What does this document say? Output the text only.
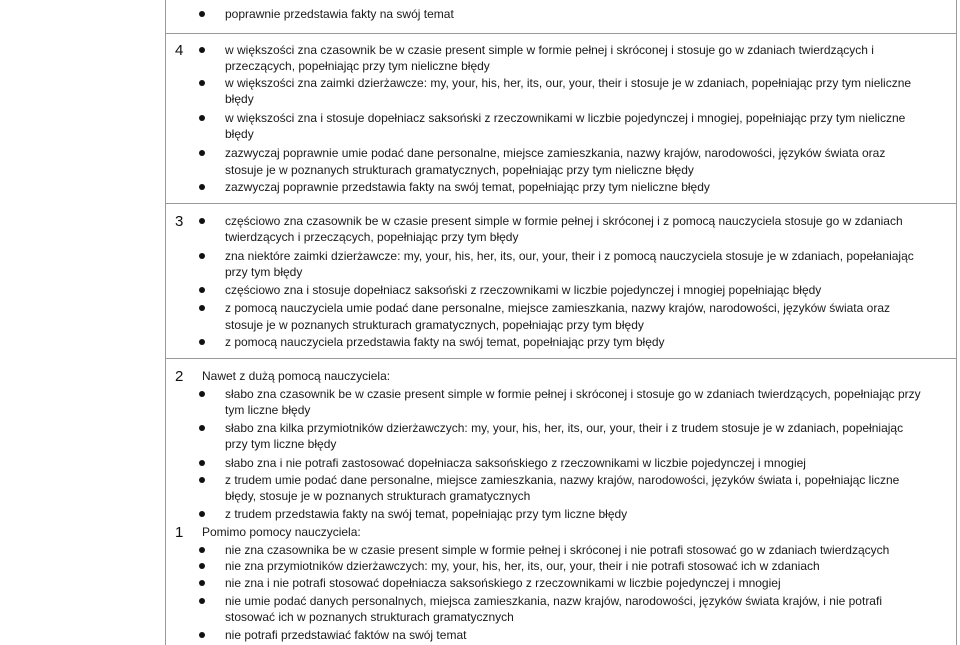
poprawnie przedstawia fakty na swój temat
4	w większości zna czasownik be w czasie present simple w formie pełnej i skróconej i stosuje go w zdaniach twierdzących i
przeczących, popełniając przy tym nieliczne błędy
w większości zna zaimki dzierżawcze: my, your, his, her, its, our, your, their i stosuje je w zdaniach, popełniając przy tym nieliczne
błędy
w większości zna i stosuje dopełniacz saksoński z rzeczownikami w liczbie pojedynczej i mnogiej, popełniając przy tym nieliczne
błędy
zazwyczaj poprawnie umie podać dane personalne, miejsce zamieszkania, nazwy krajów, narodowości, języków świata oraz
stosuje je w poznanych strukturach gramatycznych, popełniając przy tym nieliczne błędy
zazwyczaj poprawnie przedstawia fakty na swój temat, popełniając przy tym nieliczne błędy
3	częściowo zna czasownik be w czasie present simple w formie pełnej i skróconej i z pomocą nauczyciela stosuje go w zdaniach
twierdzących i przeczących, popełniając przy tym błędy
zna niektóre zaimki dzierżawcze: my, your, his, her, its, our, your, their i z pomocą nauczyciela stosuje je w zdaniach, popełaniając
przy tym błędy
częściowo zna i stosuje dopełniacz saksoński z rzeczownikami w liczbie pojedynczej i mnogiej popełniając błędy
z pomocą nauczyciela umie podać dane personalne, miejsce zamieszkania, nazwy krajów, narodowości, języków świata oraz
stosuje je w poznanych strukturach gramatycznych, popełniając przy tym błędy
z pomocą nauczyciela przedstawia fakty na swój temat, popełniając przy tym błędy
2 Nawet z dużą pomocą nauczyciela:
słabo zna czasownik be w czasie present simple w formie pełnej i skróconej i stosuje go w zdaniach twierdzących, popełniając przy
tym liczne błędy
słabo zna kilka przymiotników dzierżawczych: my, your, his, her, its, our, your, their i z trudem stosuje je w zdaniach, popełniając
przy tym liczne błędy
słabo zna i nie potrafi zastosować dopełniacza saksońskiego z rzeczownikami w liczbie pojedynczej i mnogiej
z trudem umie podać dane personalne, miejsce zamieszkania, nazwy krajów, narodowości, języków świata i, popełniając liczne
błędy, stosuje je w poznanych strukturach gramatycznych
z trudem przedstawia fakty na swój temat, popełniając przy tym liczne błędy
1 Pomimo pomocy nauczyciela:
nie zna czasownika be w czasie present simple w formie pełnej i skróconej i nie potrafi stosować go w zdaniach twierdzących
nie zna przymiotników dzierżawczych: my, your, his, her, its, our, your, their i nie potrafi stosować ich w zdaniach
nie zna i nie potrafi stosować dopełniacza saksońskiego z rzeczownikami w liczbie pojedynczej i mnogiej
nie umie podać danych personalnych, miejsca zamieszkania, nazw krajów, narodowości, języków świata krajów, i nie potrafi
stosować ich w poznanych strukturach gramatycznych
nie potrafi przedstawiać faktów na swój temat
